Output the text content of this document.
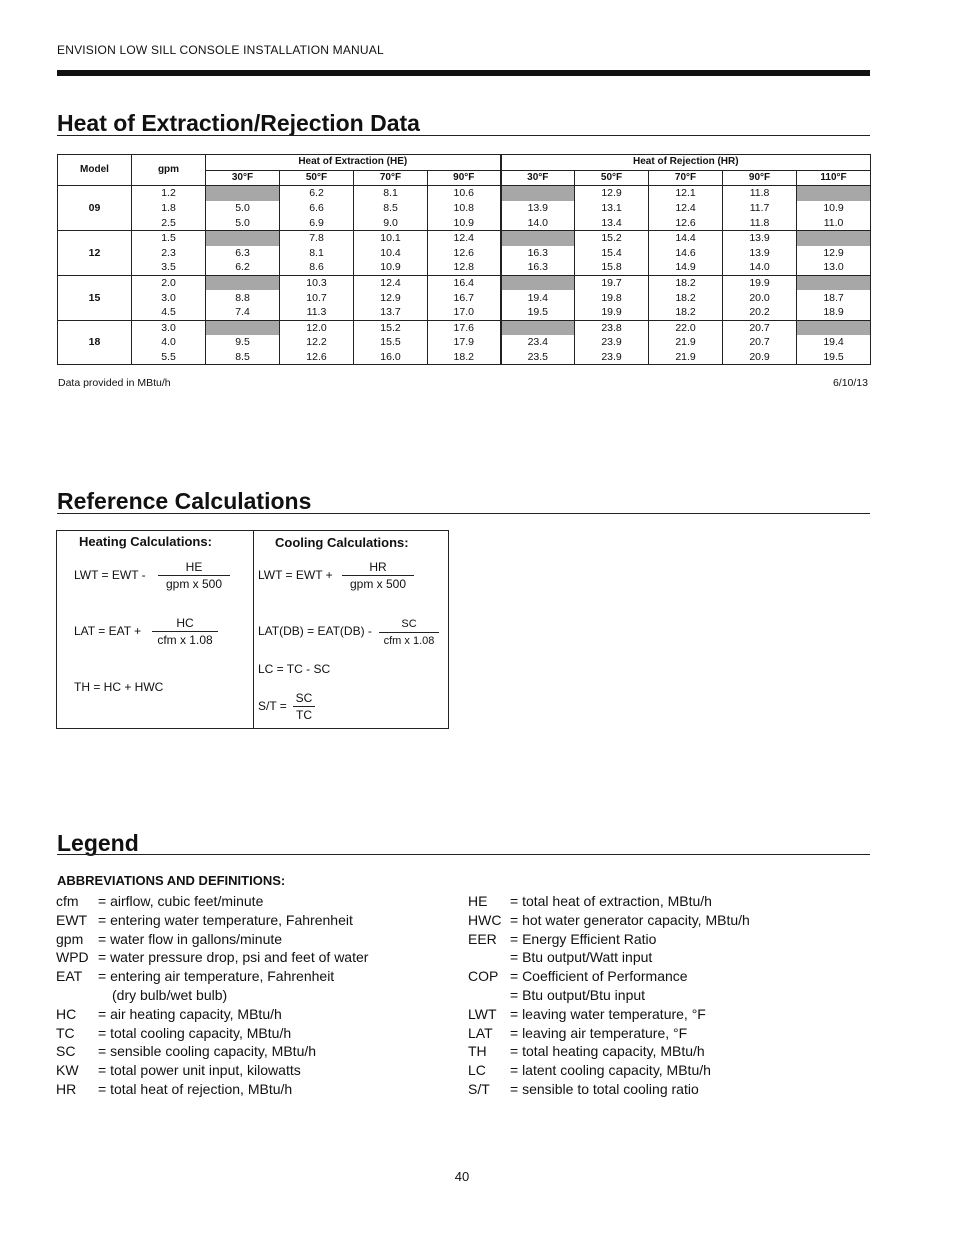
ENVISION LOW SILL CONSOLE INSTALLATION MANUAL
Heat of Extraction/Rejection Data
Model	gpm	Heat of Extraction (HE)				Heat of Rejection (HR)				
		30°F	50°F	70°F	90°F	30°F	50°F	70°F	90°F	110°F
09	1.2		6.2	8.1	10.6		12.9	12.1	11.8	
	1.8	5.0	6.6	8.5	10.8	13.9	13.1	12.4	11.7	10.9
	2.5	5.0	6.9	9.0	10.9	14.0	13.4	12.6	11.8	11.0
12	1.5		7.8	10.1	12.4		15.2	14.4	13.9	
	2.3	6.3	8.1	10.4	12.6	16.3	15.4	14.6	13.9	12.9
	3.5	6.2	8.6	10.9	12.8	16.3	15.8	14.9	14.0	13.0
15	2.0		10.3	12.4	16.4		19.7	18.2	19.9	
	3.0	8.8	10.7	12.9	16.7	19.4	19.8	18.2	20.0	18.7
	4.5	7.4	11.3	13.7	17.0	19.5	19.9	18.2	20.2	18.9
18	3.0		12.0	15.2	17.6		23.8	22.0	20.7	
	4.0	9.5	12.2	15.5	17.9	23.4	23.9	21.9	20.7	19.4
	5.5	8.5	12.6	16.0	18.2	23.5	23.9	21.9	20.9	19.5
Data provided in MBtu/h	6/10/13
Reference Calculations
Heating Calculations:	Cooling Calculations:
LWT = EWT -
HE
gpm x 500
LAT = EAT +
HC
cfm x 1.08
TH = HC + HWC
LWT = EWT +
HR
gpm x 500
LAT(DB) = EAT(DB) -	SC
cfm x 1.08
LC = TC - SC
$S/T = \frac{SC}{TC}$
Legend
ABBREVIATIONS AND DEFINITIONS:
cfm	= airflow, cubic feet/minute
EWT = entering water temperature, Fahrenheit
gpm	= water flow in gallons/minute
WPD = water pressure drop, psi and feet of water
EAT	= entering air temperature, Fahrenheit
(dry bulb/wet bulb)
HC	= air heating capacity, MBtu/h
TC	= total cooling capacity, MBtu/h
SC	= sensible cooling capacity, MBtu/h
KW	= total power unit input, kilowatts
HR	= total heat of rejection, MBtu/h
HE	= total heat of extraction, MBtu/h
HWC = hot water generator capacity, MBtu/h
EER = Energy Efficient Ratio
= Btu output/Watt input
COP = Coefficient of Performance
= Btu output/Btu input
LWT = leaving water temperature, °F
LAT	= leaving air temperature, °F
TH	= total heating capacity, MBtu/h
LC	= latent cooling capacity, MBtu/h
S/T	= sensible to total cooling ratio
40
